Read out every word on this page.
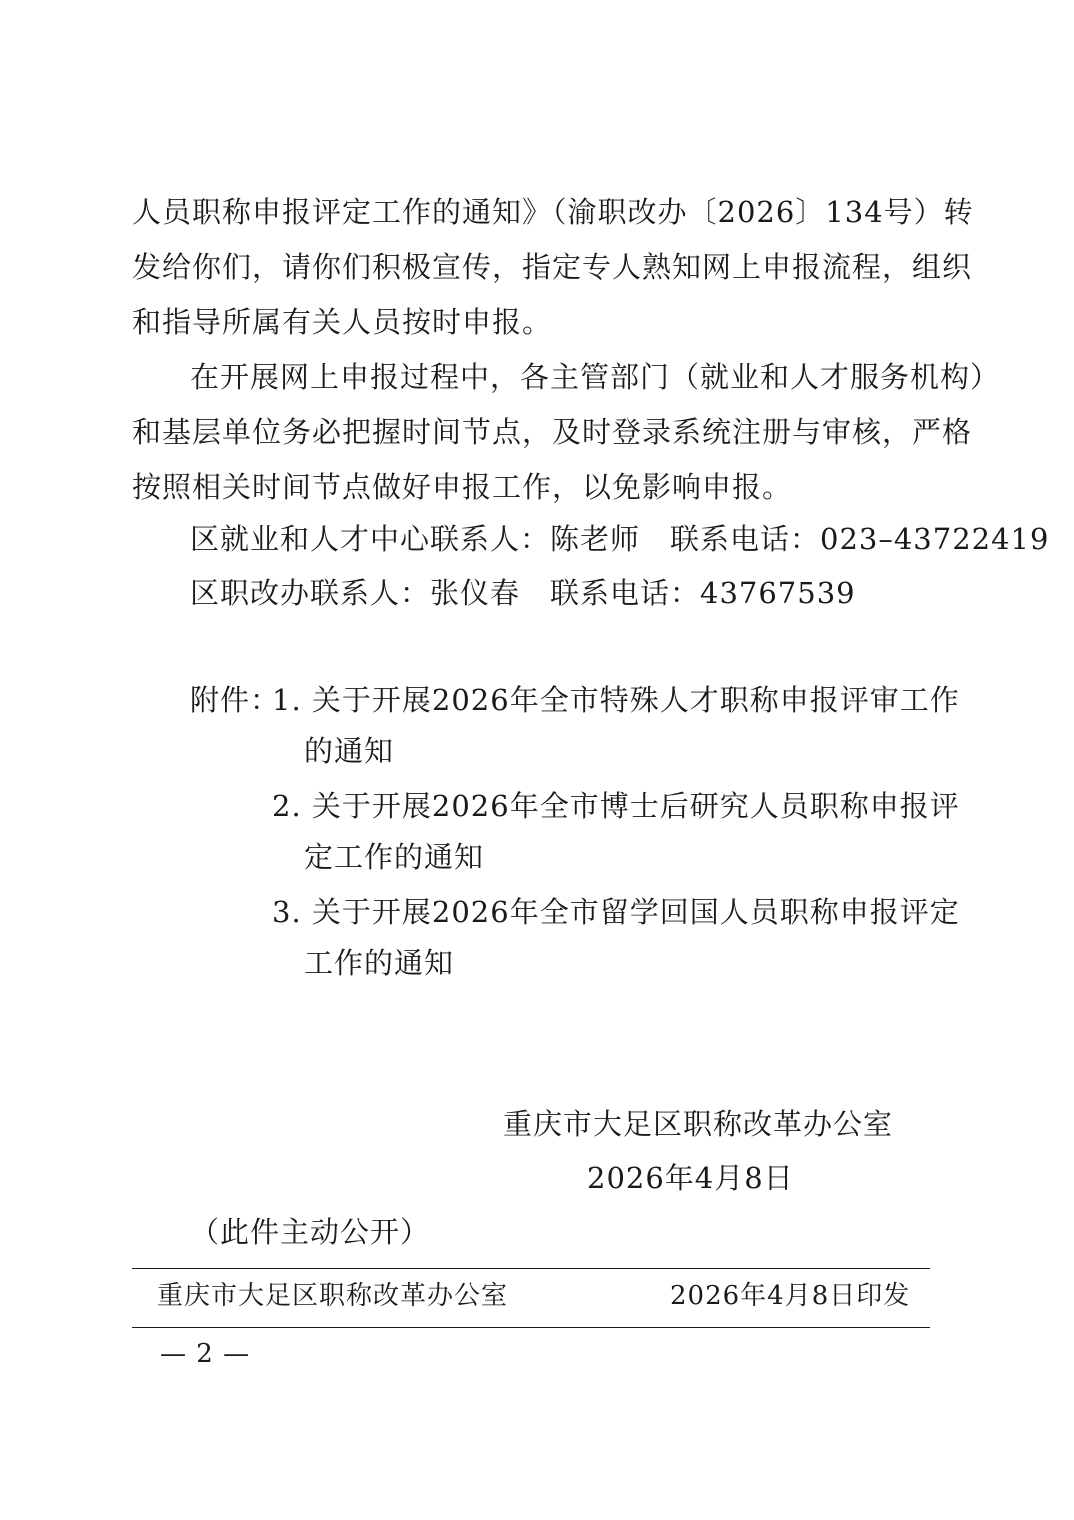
人员职称申报评定工作的通知》（渝职改办〔2026〕134号）转
发给你们，请你们积极宣传，指定专人熟知网上申报流程，组织
和指导所属有关人员按时申报。
在开展网上申报过程中，各主管部门（就业和人才服务机构）
和基层单位务必把握时间节点，及时登录系统注册与审核，严格
按照相关时间节点做好申报工作，以免影响申报。
区就业和人才中心联系人：陈老师　联系电话：023–43722419
区职改办联系人：张仪春　联系电话：43767539
附件：
1. 关于开展2026年全市特殊人才职称申报评审工作
的通知
2. 关于开展2026年全市博士后研究人员职称申报评
定工作的通知
3. 关于开展2026年全市留学回国人员职称申报评定
工作的通知
重庆市大足区职称改革办公室
2026年4月8日
（此件主动公开）
重庆市大足区职称改革办公室	2026年4月8日印发
— 2 —
